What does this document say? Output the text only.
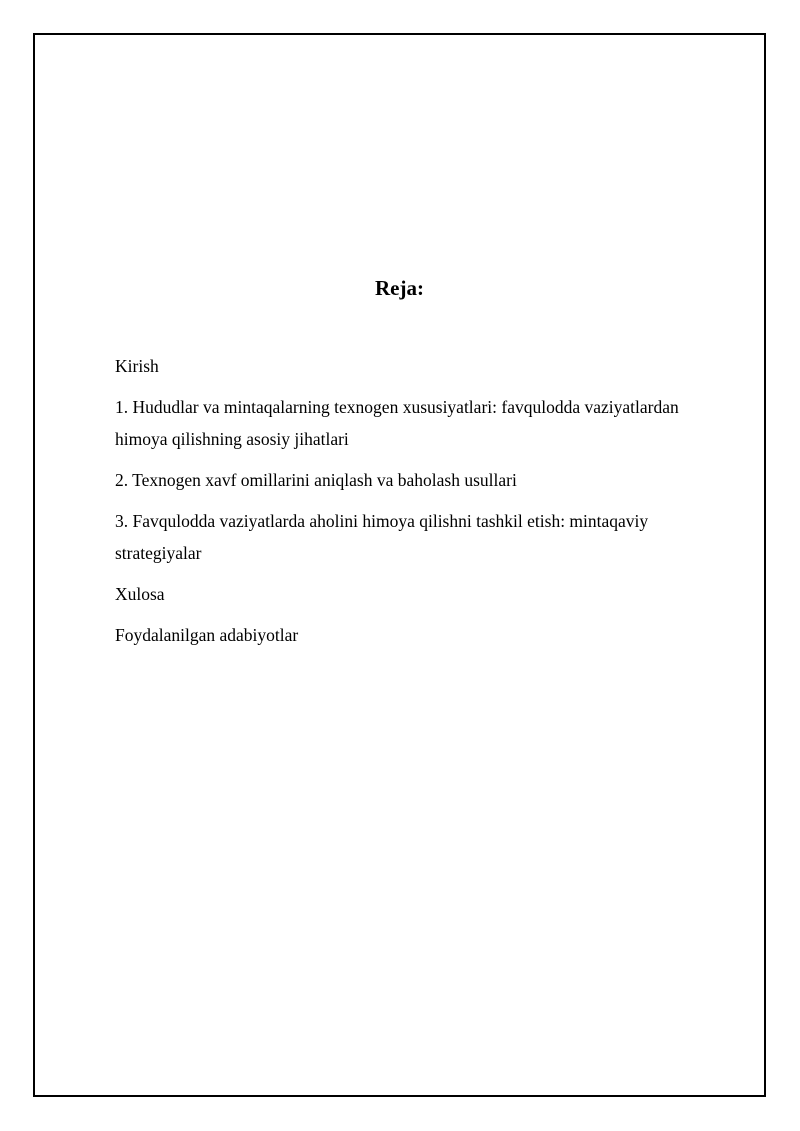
Reja:
Kirish
1. Hududlar va mintaqalarning texnogen xususiyatlari: favqulodda vaziyatlardan himoya qilishning asosiy jihatlari
2. Texnogen xavf omillarini aniqlash va baholash usullari
3. Favqulodda vaziyatlarda aholini himoya qilishni tashkil etish: mintaqaviy strategiyalar
Xulosa
Foydalanilgan adabiyotlar
